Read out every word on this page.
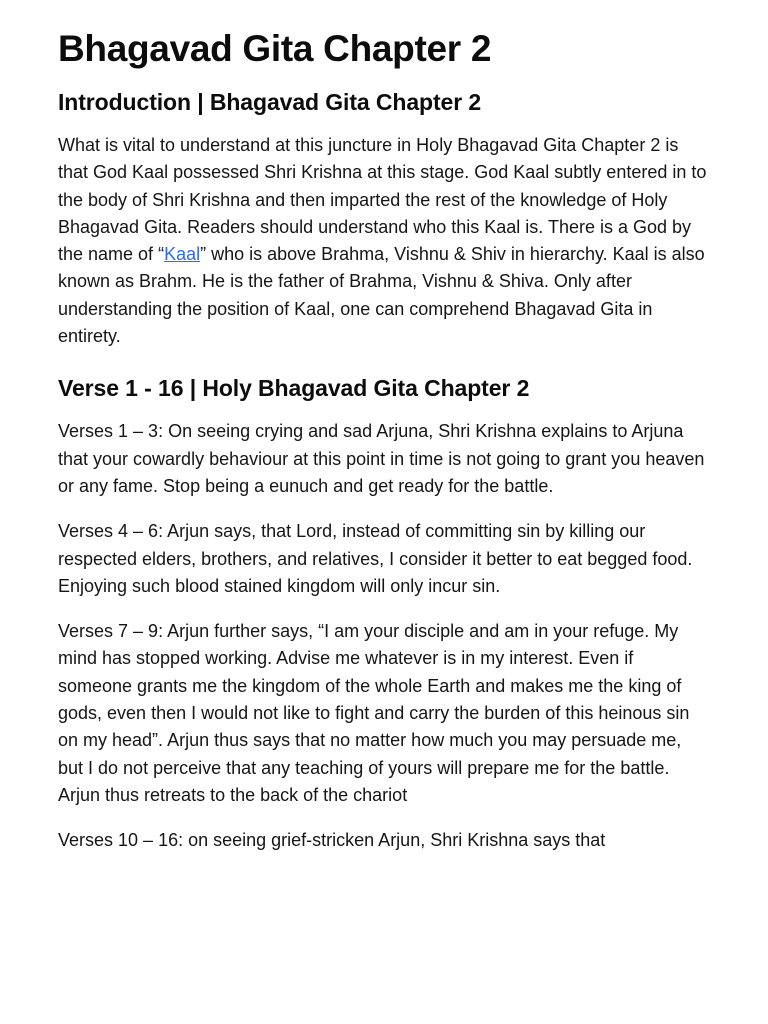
Bhagavad Gita Chapter 2
Introduction | Bhagavad Gita Chapter 2

What is vital to understand at this juncture in Holy Bhagavad Gita Chapter 2 is that God Kaal possessed Shri Krishna at this stage. God Kaal subtly entered in to the body of Shri Krishna and then imparted the rest of the knowledge of Holy Bhagavad Gita. Readers should understand who this Kaal is. There is a God by the name of “Kaal” who is above Brahma, Vishnu & Shiv in hierarchy. Kaal is also known as Brahm. He is the father of Brahma, Vishnu & Shiva. Only after understanding the position of Kaal, one can comprehend Bhagavad Gita in entirety.

Verse 1 - 16 | Holy Bhagavad Gita Chapter 2

Verses 1 – 3: On seeing crying and sad Arjuna, Shri Krishna explains to Arjuna that your cowardly behaviour at this point in time is not going to grant you heaven or any fame. Stop being a eunuch and get ready for the battle.

Verses 4 – 6: Arjun says, that Lord, instead of committing sin by killing our respected elders, brothers, and relatives, I consider it better to eat begged food. Enjoying such blood stained kingdom will only incur sin.

Verses 7 – 9: Arjun further says, “I am your disciple and am in your refuge. My mind has stopped working. Advise me whatever is in my interest. Even if someone grants me the kingdom of the whole Earth and makes me the king of gods, even then I would not like to fight and carry the burden of this heinous sin on my head”. Arjun thus says that no matter how much you may persuade me, but I do not perceive that any teaching of yours will prepare me for the battle. Arjun thus retreats to the back of the chariot

Verses 10 – 16: on seeing grief-stricken Arjun, Shri Krishna says that
